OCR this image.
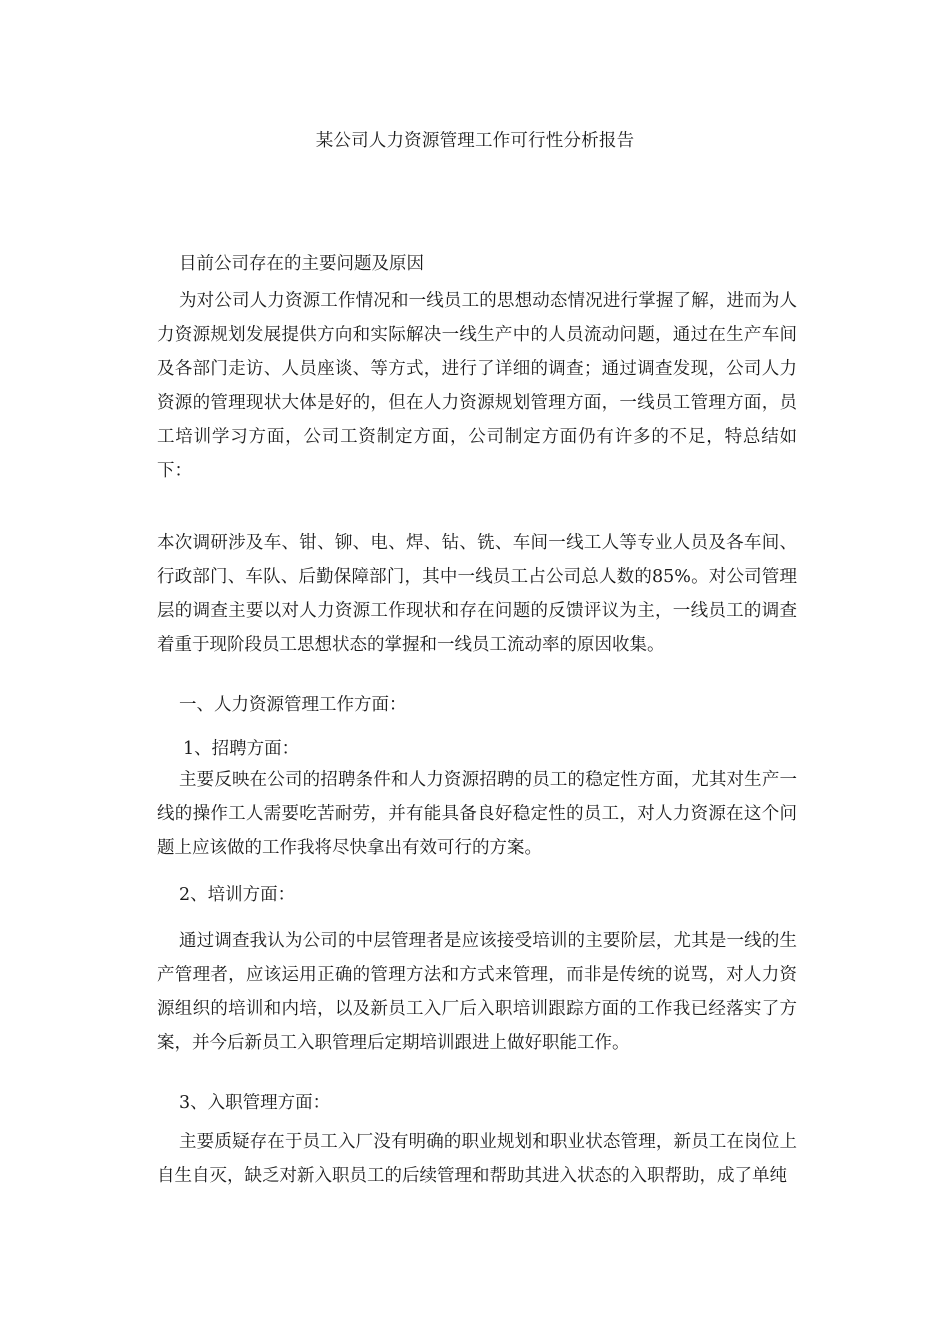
某公司人力资源管理工作可行性分析报告

目前公司存在的主要问题及原因

为对公司人力资源工作情况和一线员工的思想动态情况进行掌握了解，进而为人力资源规划发展提供方向和实际解决一线生产中的人员流动问题，通过在生产车间及各部门走访、人员座谈、等方式，进行了详细的调查；通过调查发现，公司人力资源的管理现状大体是好的，但在人力资源规划管理方面，一线员工管理方面，员工培训学习方面，公司工资制定方面，公司制定方面仍有许多的不足，特总结如下：

本次调研涉及车、钳、铆、电、焊、钻、铣、车间一线工人等专业人员及各车间、行政部门、车队、后勤保障部门，其中一线员工占公司总人数的85%。对公司管理层的调查主要以对人力资源工作现状和存在问题的反馈评议为主，一线员工的调查着重于现阶段员工思想状态的掌握和一线员工流动率的原因收集。

一、人力资源管理工作方面：

1、招聘方面：

主要反映在公司的招聘条件和人力资源招聘的员工的稳定性方面，尤其对生产一线的操作工人需要吃苦耐劳，并有能具备良好稳定性的员工，对人力资源在这个问题上应该做的工作我将尽快拿出有效可行的方案。

2、培训方面：

通过调查我认为公司的中层管理者是应该接受培训的主要阶层，尤其是一线的生产管理者，应该运用正确的管理方法和方式来管理，而非是传统的说骂，对人力资源组织的培训和内培，以及新员工入厂后入职培训跟踪方面的工作我已经落实了方案，并今后新员工入职管理后定期培训跟进上做好职能工作。

3、入职管理方面：

主要质疑存在于员工入厂没有明确的职业规划和职业状态管理，新员工在岗位上自生自灭，缺乏对新入职员工的后续管理和帮助其进入状态的入职帮助，成了单纯
